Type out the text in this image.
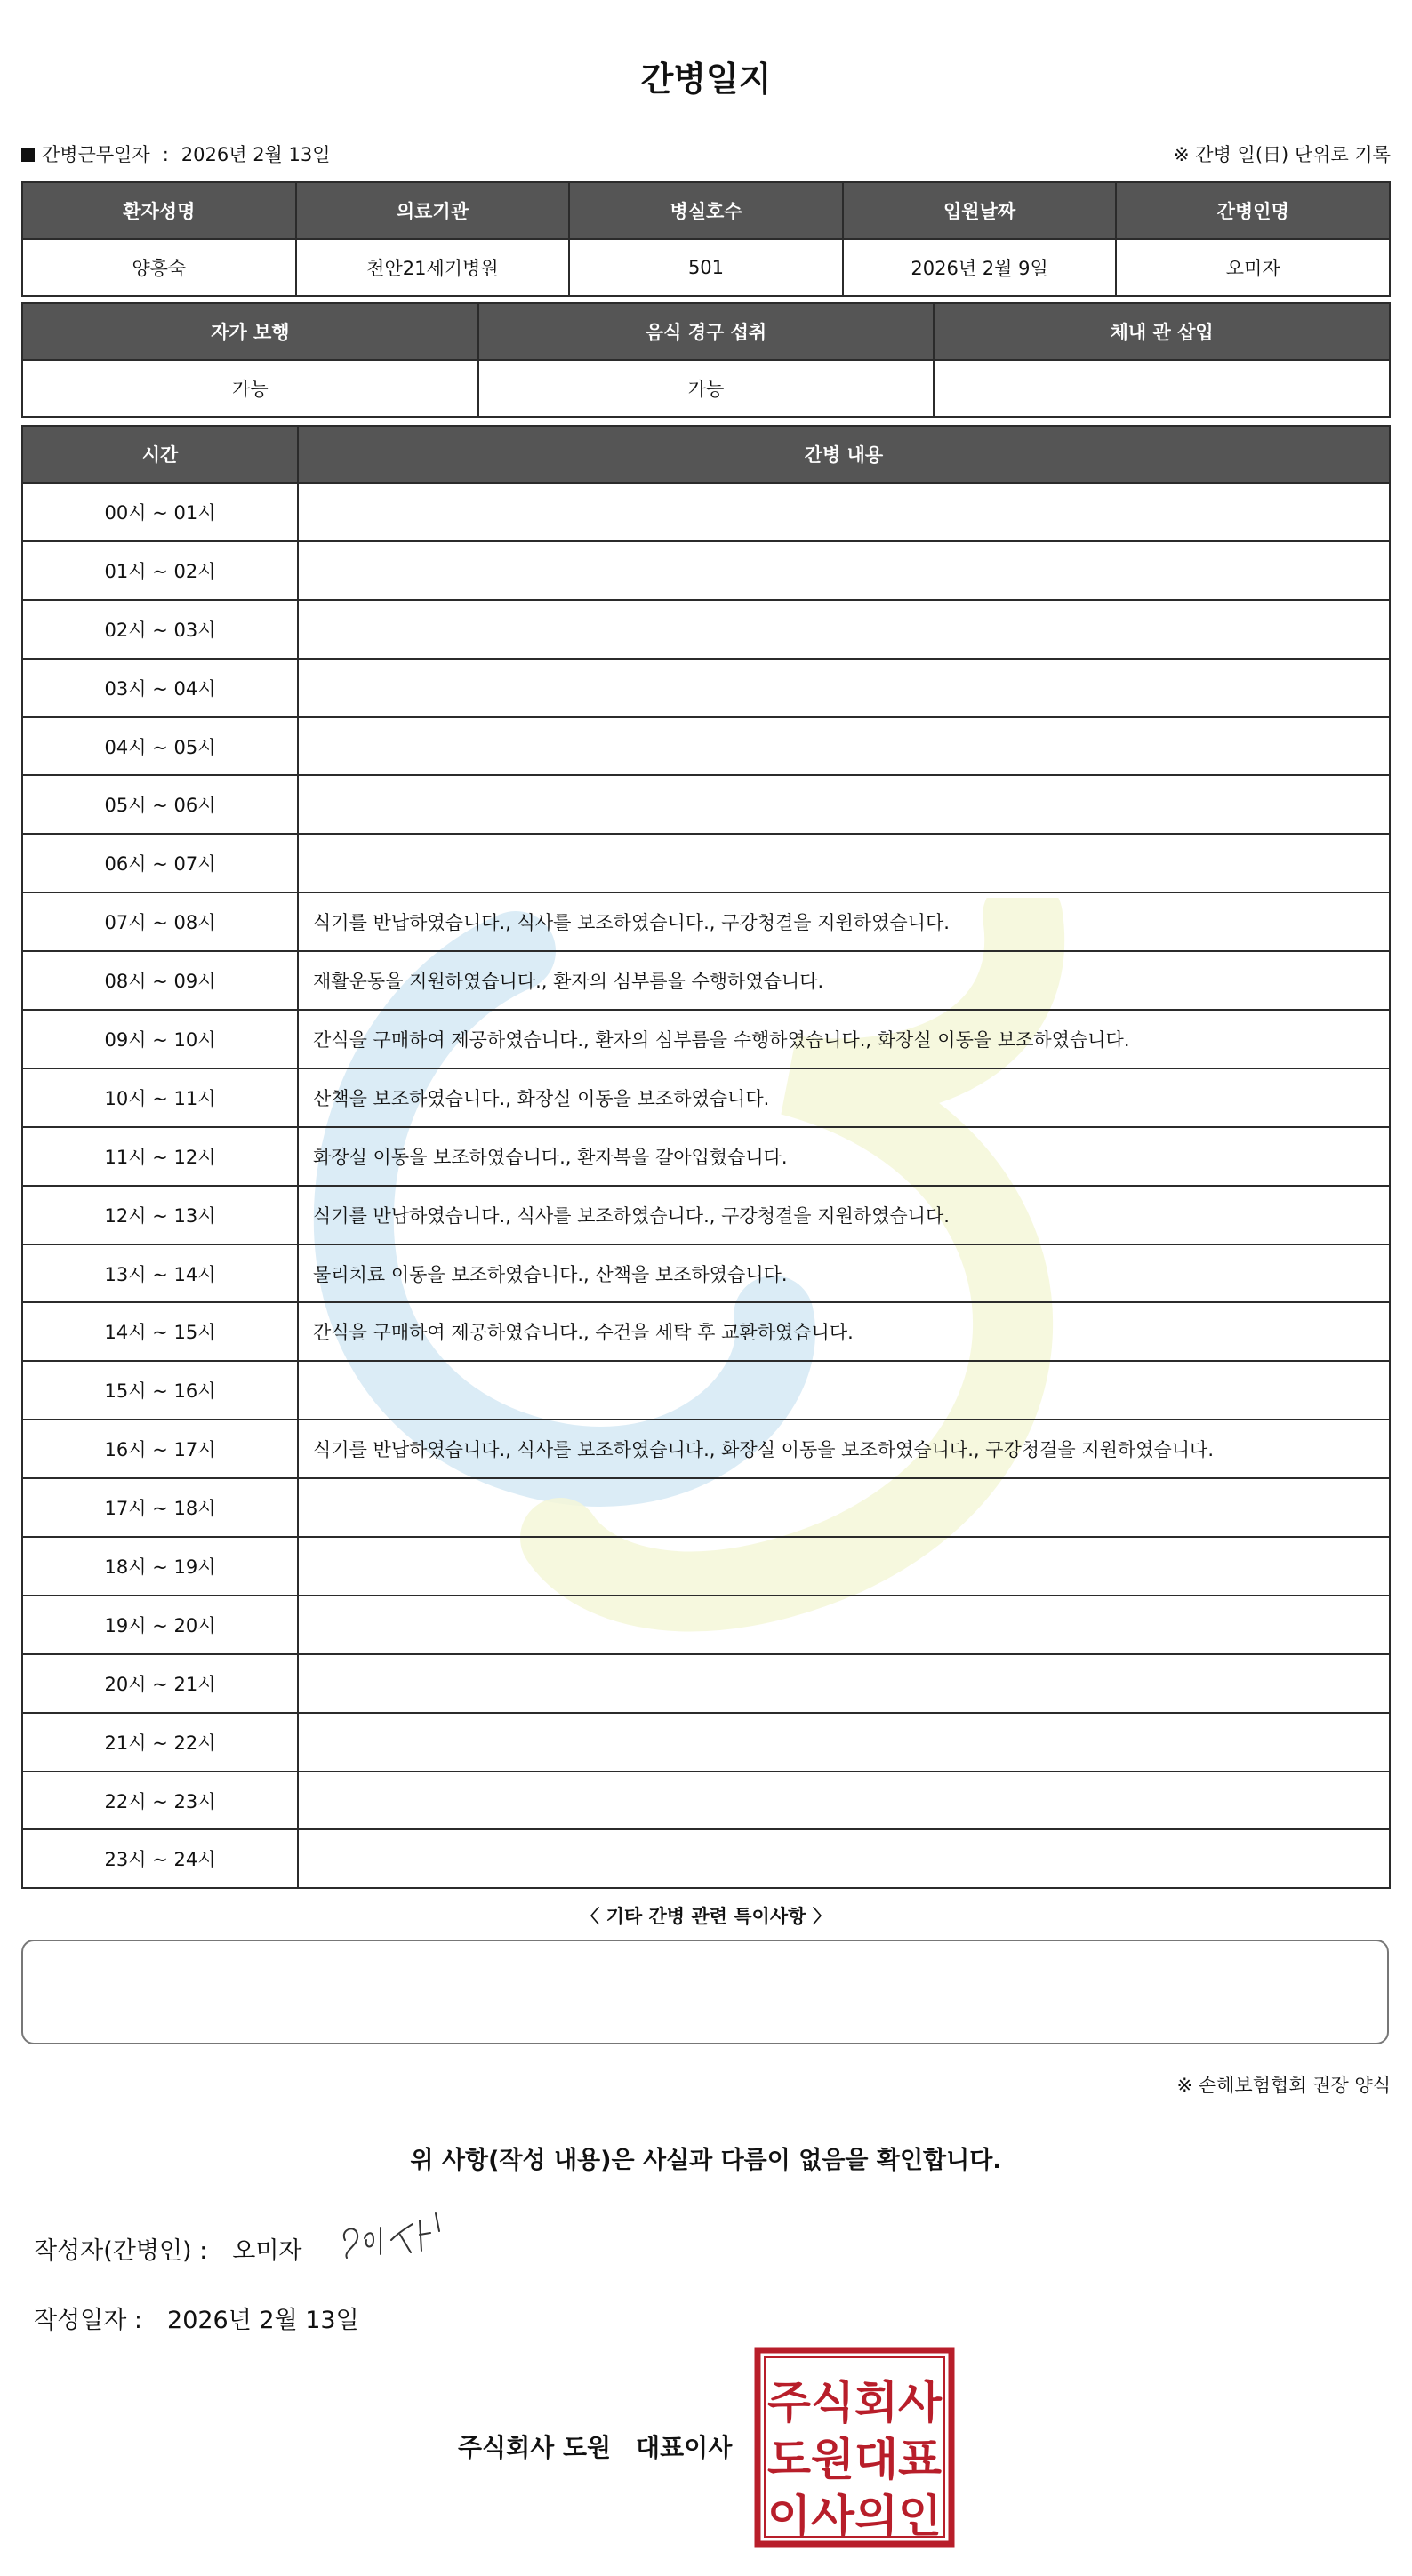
간병일지
간병근무일자 : 2026년 2월 13일	※ 간병 일(日) 단위로 기록
환자성명	의료기관	병실호수	입원날짜	간병인명
양흥숙	천안21세기병원	501	2026년 2월 9일	오미자
자가 보행	음식 경구 섭취	체내 관 삽입
가능	가능	
시간	간병 내용
00시 ~ 01시	
01시 ~ 02시	
02시 ~ 03시	
03시 ~ 04시	
04시 ~ 05시	
05시 ~ 06시	
06시 ~ 07시	
07시 ~ 08시	식기를 반납하였습니다., 식사를 보조하였습니다., 구강청결을 지원하였습니다.
08시 ~ 09시	재활운동을 지원하였습니다., 환자의 심부름을 수행하였습니다.
09시 ~ 10시	간식을 구매하여 제공하였습니다., 환자의 심부름을 수행하였습니다., 화장실 이동을 보조하였습니다.
10시 ~ 11시	산책을 보조하였습니다., 화장실 이동을 보조하였습니다.
11시 ~ 12시	화장실 이동을 보조하였습니다., 환자복을 갈아입혔습니다.
12시 ~ 13시	식기를 반납하였습니다., 식사를 보조하였습니다., 구강청결을 지원하였습니다.
13시 ~ 14시	물리치료 이동을 보조하였습니다., 산책을 보조하였습니다.
14시 ~ 15시	간식을 구매하여 제공하였습니다., 수건을 세탁 후 교환하였습니다.
15시 ~ 16시	
16시 ~ 17시	식기를 반납하였습니다., 식사를 보조하였습니다., 화장실 이동을 보조하였습니다., 구강청결을 지원하였습니다.
17시 ~ 18시	
18시 ~ 19시	
19시 ~ 20시	
20시 ~ 21시	
21시 ~ 22시	
22시 ~ 23시	
23시 ~ 24시	
〈 기타 간병 관련 특이사항 〉
※ 손해보험협회 권장 양식
위 사항(작성 내용)은 사실과 다름이 없음을 확인합니다.
작성자(간병인) : 오미자
작성일자 : 2026년 2월 13일
주식회사 도원 대표이사
주식회사
도원대표
이사의인
